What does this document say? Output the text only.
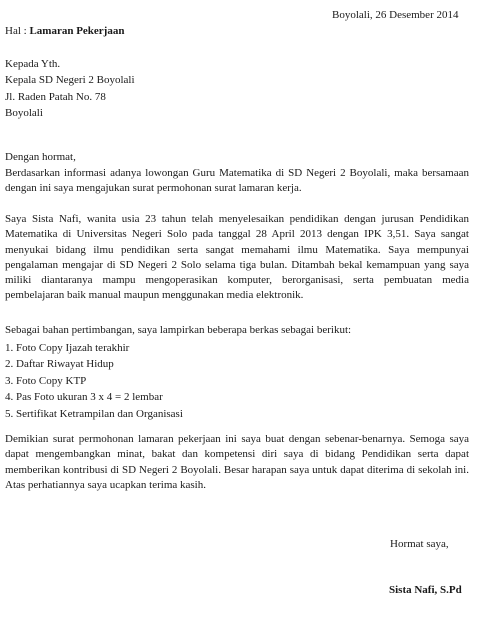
Boyolali, 26 Desember 2014
Hal : Lamaran Pekerjaan
Kepada Yth.
Kepala SD Negeri 2 Boyolali
Jl. Raden Patah No. 78
Boyolali
Dengan hormat,
Berdasarkan informasi adanya lowongan Guru Matematika di SD Negeri 2 Boyolali, maka bersamaan dengan ini saya mengajukan surat permohonan surat lamaran kerja.
Saya Sista Nafi, wanita usia 23 tahun telah menyelesaikan pendidikan dengan jurusan Pendidikan Matematika di Universitas Negeri Solo pada tanggal 28 April 2013 dengan IPK 3,51. Saya sangat menyukai bidang ilmu pendidikan serta sangat memahami ilmu Matematika. Saya mempunyai pengalaman mengajar di SD Negeri 2 Solo selama tiga bulan. Ditambah bekal kemampuan yang saya miliki diantaranya mampu mengoperasikan komputer, berorganisasi, serta pembuatan media pembelajaran baik manual maupun menggunakan media elektronik.
Sebagai bahan pertimbangan, saya lampirkan beberapa berkas sebagai berikut:
1. Foto Copy Ijazah terakhir
2. Daftar Riwayat Hidup
3. Foto Copy KTP
4. Pas Foto ukuran 3 x 4 = 2 lembar
5. Sertifikat Ketrampilan dan Organisasi
Demikian surat permohonan lamaran pekerjaan ini saya buat dengan sebenar-benarnya. Semoga saya dapat mengembangkan minat, bakat dan kompetensi diri saya di bidang Pendidikan serta dapat memberikan kontribusi di SD Negeri 2 Boyolali. Besar harapan saya untuk dapat diterima di sekolah ini. Atas perhatiannya saya ucapkan terima kasih.
Hormat saya,
Sista Nafi, S.Pd
